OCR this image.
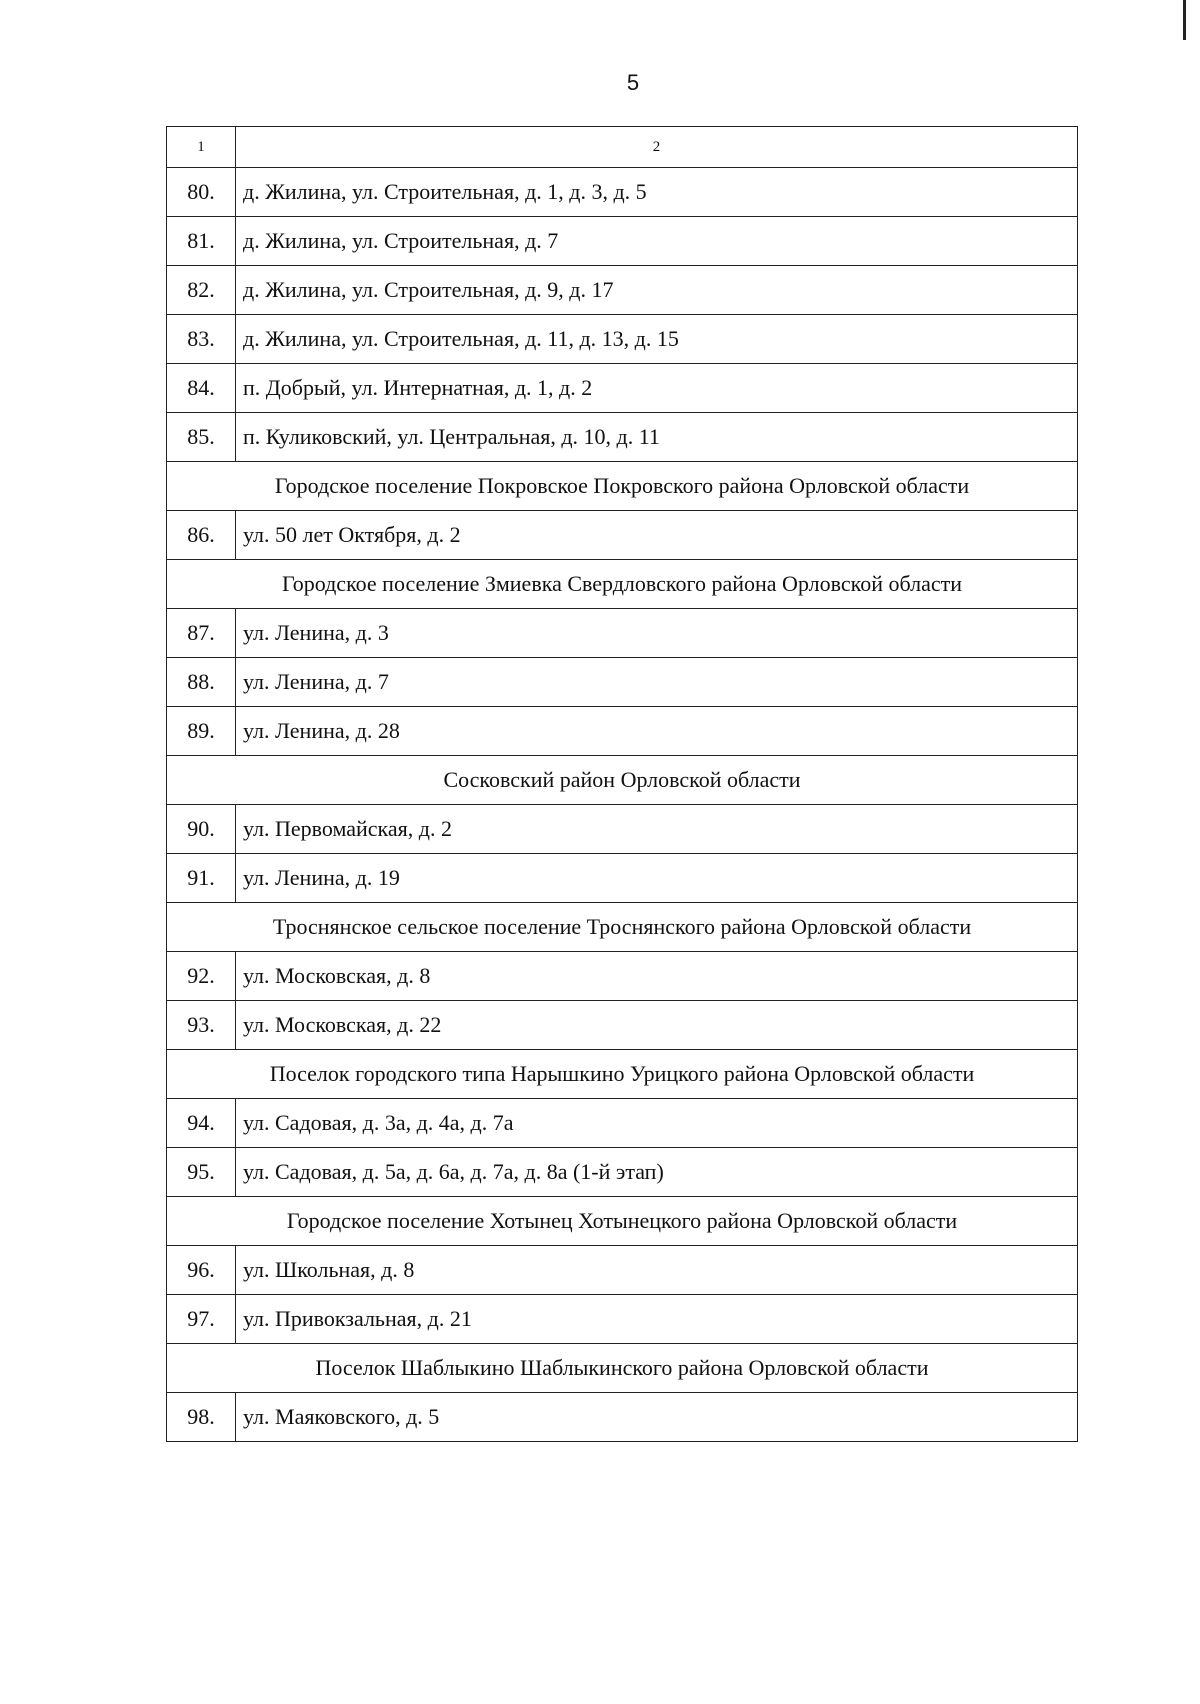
5
1	2
80.	д. Жилина, ул. Строительная, д. 1, д. 3, д. 5
81.	д. Жилина, ул. Строительная, д. 7
82.	д. Жилина, ул. Строительная, д. 9, д. 17
83.	д. Жилина, ул. Строительная, д. 11, д. 13, д. 15
84.	п. Добрый, ул. Интернатная, д. 1, д. 2
85.	п. Куликовский, ул. Центральная, д. 10, д. 11
Городское поселение Покровское Покровского района Орловской области	
86.	ул. 50 лет Октября, д. 2
Городское поселение Змиевка Свердловского района Орловской области	
87.	ул. Ленина, д. 3
88.	ул. Ленина, д. 7
89.	ул. Ленина, д. 28
Сосковский район Орловской области	
90.	ул. Первомайская, д. 2
91.	ул. Ленина, д. 19
Троснянское сельское поселение Троснянского района Орловской области	
92.	ул. Московская, д. 8
93.	ул. Московская, д. 22
Поселок городского типа Нарышкино Урицкого района Орловской области	
94.	ул. Садовая, д. 3а, д. 4а, д. 7а
95.	ул. Садовая, д. 5а, д. 6а, д. 7а, д. 8а (1-й этап)
Городское поселение Хотынец Хотынецкого района Орловской области	
96.	ул. Школьная, д. 8
97.	ул. Привокзальная, д. 21
Поселок Шаблыкино Шаблыкинского района Орловской области	
98.	ул. Маяковского, д. 5
